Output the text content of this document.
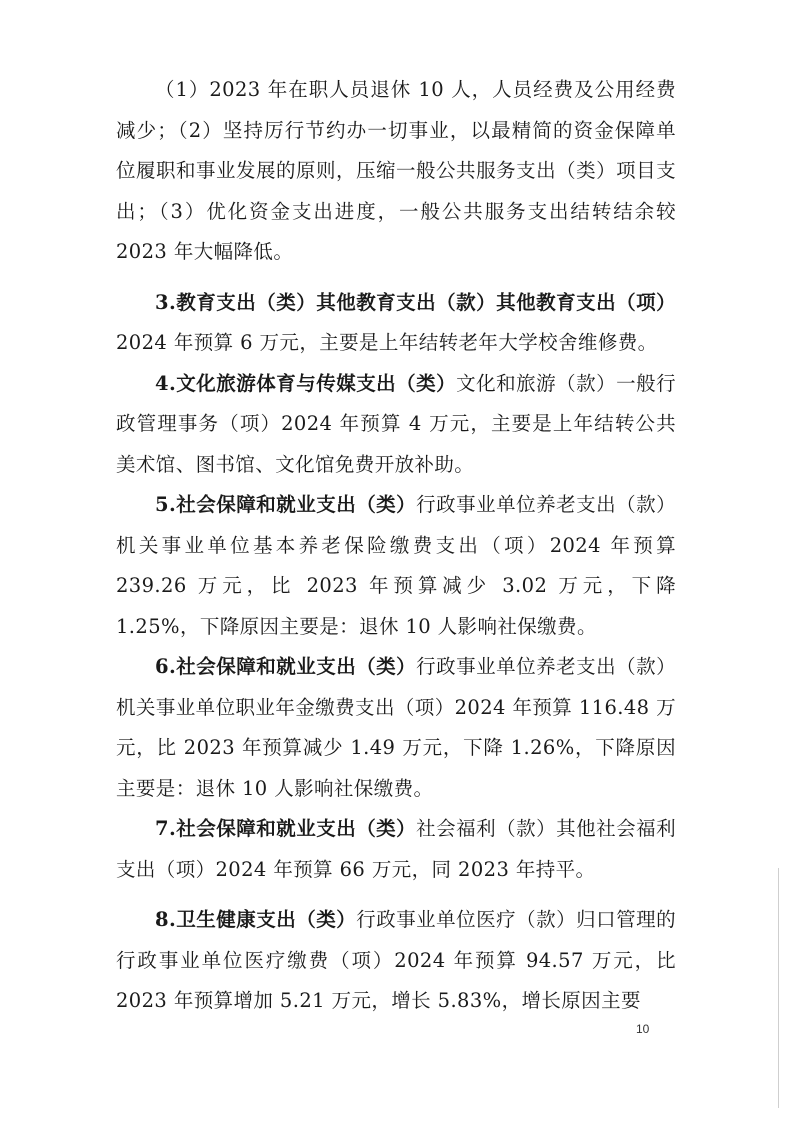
（1）2023 年在职人员退休 10 人，人员经费及公用经费减少；（2）坚持厉行节约办一切事业，以最精简的资金保障单位履职和事业发展的原则，压缩一般公共服务支出（类）项目支出；（3）优化资金支出进度，一般公共服务支出结转结余较 2023 年大幅降低。

3.教育支出（类）其他教育支出（款）其他教育支出（项）2024 年预算 6 万元，主要是上年结转老年大学校舍维修费。

4.文化旅游体育与传媒支出（类）文化和旅游（款）一般行政管理事务（项）2024 年预算 4 万元，主要是上年结转公共美术馆、图书馆、文化馆免费开放补助。

5.社会保障和就业支出（类）行政事业单位养老支出（款）机关事业单位基本养老保险缴费支出（项）2024 年预算 239.26 万元，比 2023 年预算减少 3.02 万元，下降 1.25%，下降原因主要是：退休 10 人影响社保缴费。

6.社会保障和就业支出（类）行政事业单位养老支出（款）机关事业单位职业年金缴费支出（项）2024 年预算 116.48 万元，比 2023 年预算减少 1.49 万元，下降 1.26%，下降原因主要是：退休 10 人影响社保缴费。

7.社会保障和就业支出（类）社会福利（款）其他社会福利支出（项）2024 年预算 66 万元，同 2023 年持平。

8.卫生健康支出（类）行政事业单位医疗（款）归口管理的行政事业单位医疗缴费（项）2024 年预算 94.57 万元，比 2023 年预算增加 5.21 万元，增长 5.83%，增长原因主要

10
